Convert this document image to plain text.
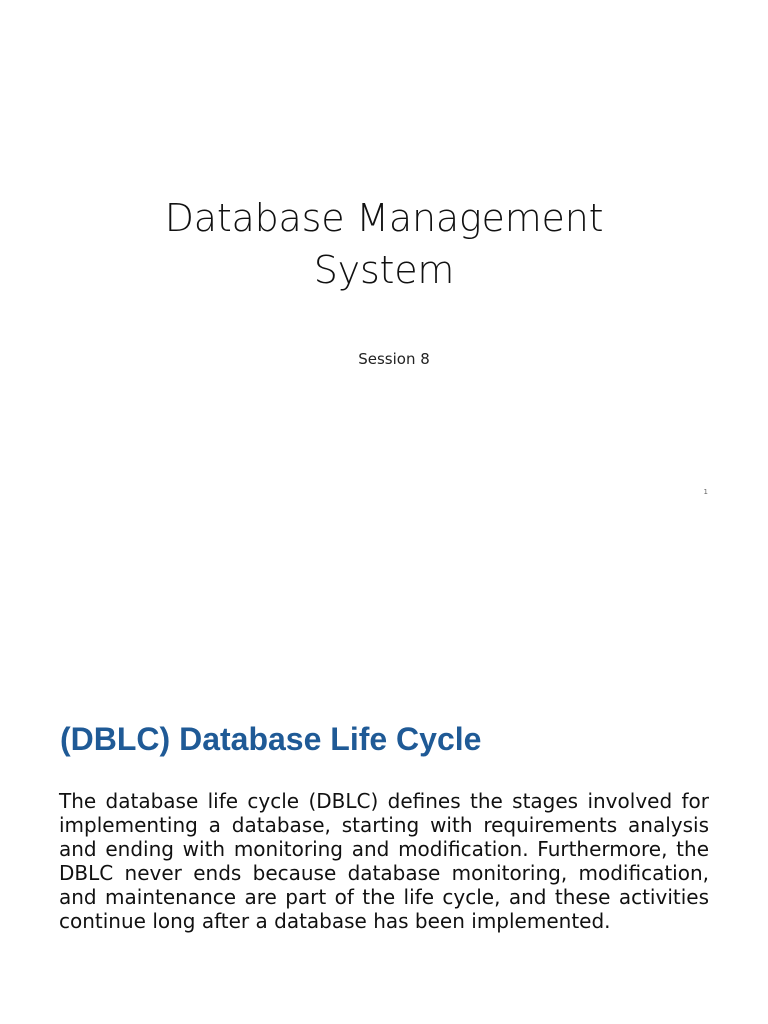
Database Management
System
Session 8
1
(DBLC) Database Life Cycle

The database life cycle (DBLC) defines the stages involved for implementing a database, starting with requirements analysis and ending with monitoring and modification. Furthermore, the DBLC never ends because database monitoring, modification, and maintenance are part of the life cycle, and these activities continue long after a database has been implemented.
